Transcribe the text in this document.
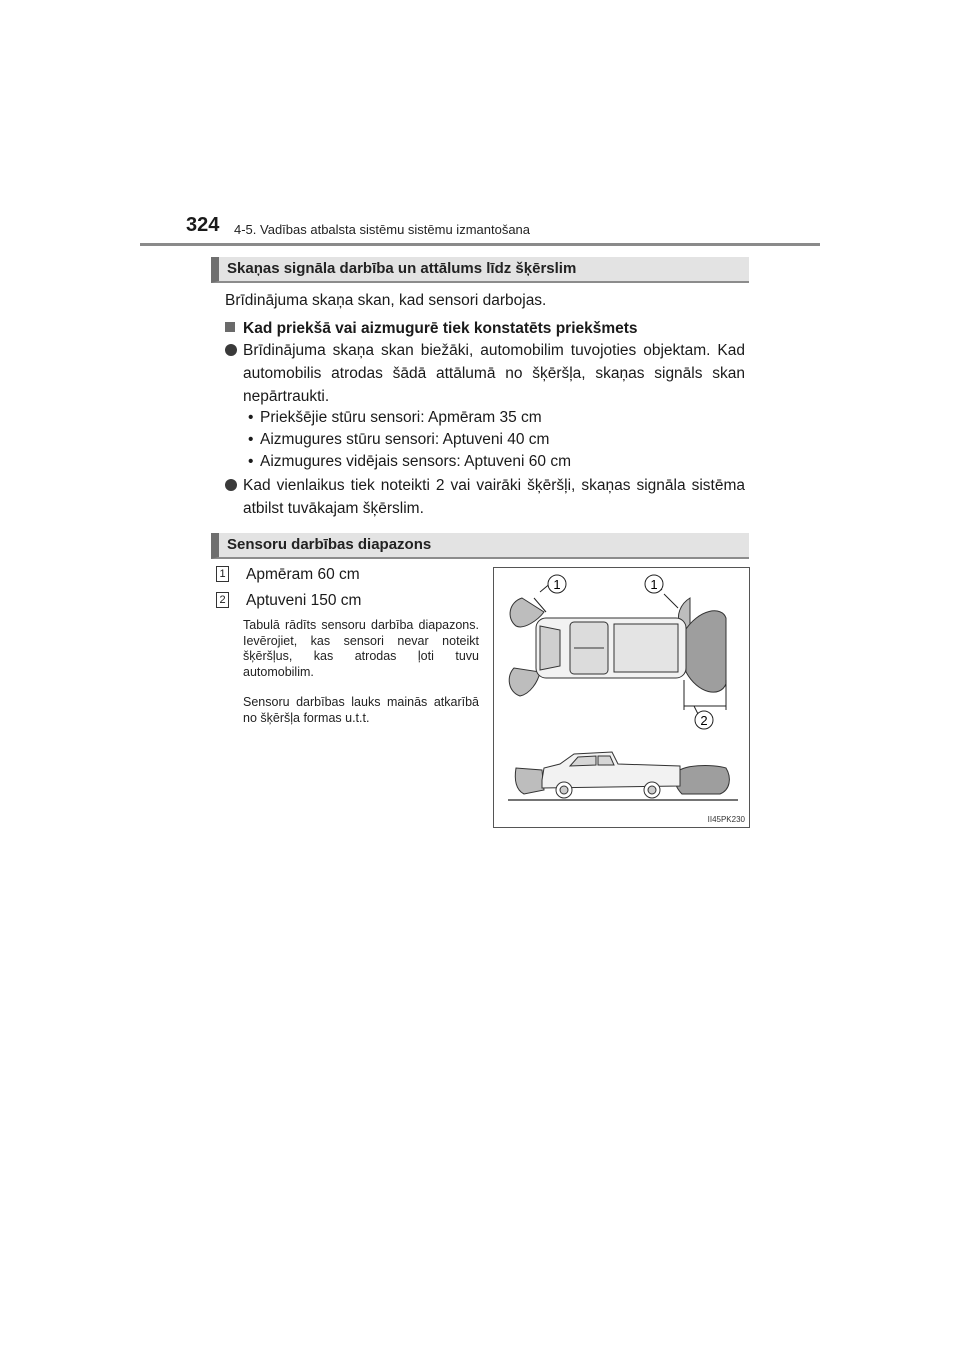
324 4-5. Vadības atbalsta sistēmu sistēmu izmantošana
Skaņas signāla darbība un attālums līdz šķērslim
Brīdinājuma skaņa skan, kad sensori darbojas.
Kad priekšā vai aizmugurē tiek konstatēts priekšmets
Brīdinājuma skaņa skan biežāki, automobilim tuvojoties objektam. Kad automobilis atrodas šādā attālumā no šķēršļa, skaņas signāls skan nepārtraukti.
• Priekšējie stūru sensori: Apmēram 35 cm
• Aizmugures stūru sensori: Aptuveni 40 cm
• Aizmugures vidējais sensors: Aptuveni 60 cm
Kad vienlaikus tiek noteikti 2 vai vairāki šķēršļi, skaņas signāla sistēma atbilst tuvākajam šķērslim.
Sensoru darbības diapazons
1 Apmēram 60 cm
2 Aptuveni 150 cm
Tabulā rādīts sensoru darbība diapazons. Ievērojiet, kas sensori nevar noteikt šķēršļus, kas atrodas ļoti tuvu automobilim.
Sensoru darbības lauks mainās atkarībā no šķēršļa formas u.t.t.
1	1
2
II45PK230
